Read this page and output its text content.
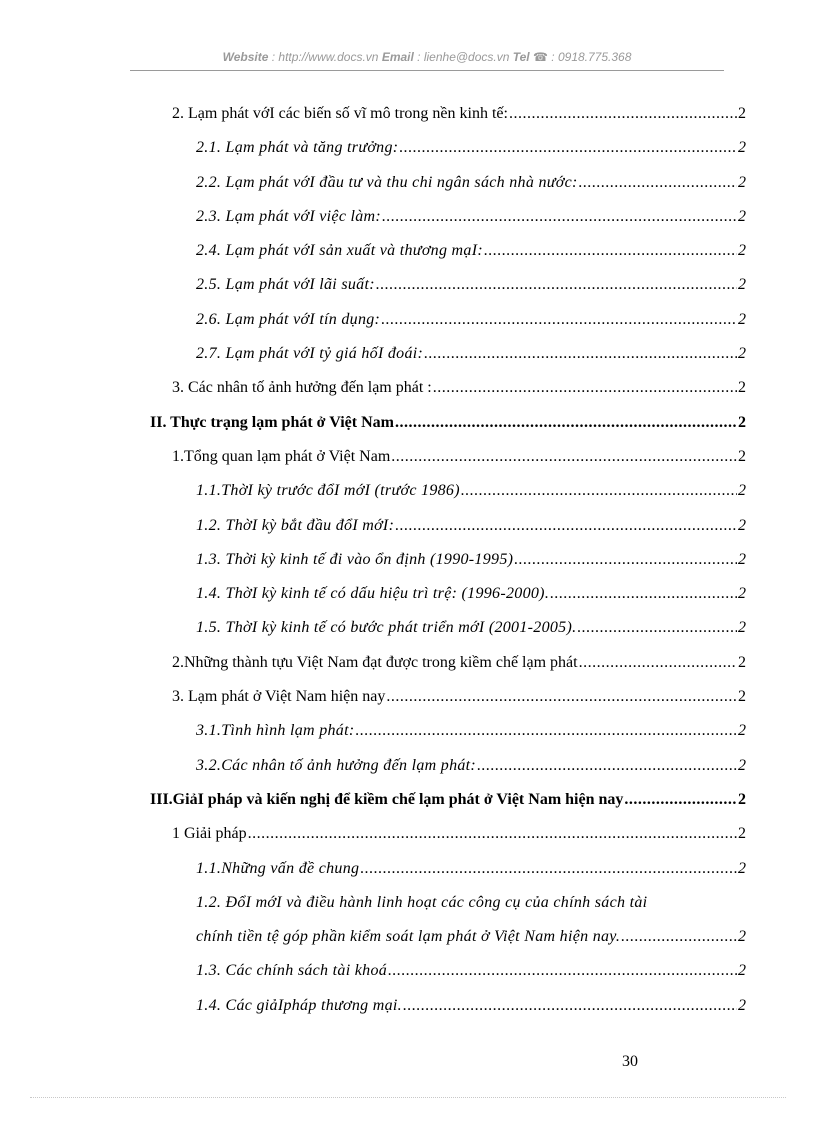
Website : http://www.docs.vn Email : lienhe@docs.vn Tel ☎ : 0918.775.368
2. Lạm phát vớI các biến số vĩ mô trong nền kinh tế: .....	2
2.1. Lạm phát và tăng trưởng: .....	2
2.2. Lạm phát vớI đầu tư và thu chi ngân sách nhà nước: .....	2
2.3. Lạm phát vớI việc làm: .....	2
2.4. Lạm phát vớI sản xuất và thương mạI: .....	2
2.5. Lạm phát vớI lãi suất: .....	2
2.6. Lạm phát vớI tín dụng: .....	2
2.7. Lạm phát vớI tỷ giá hốI đoái: .....	2
3. Các nhân tố ảnh hưởng đến lạm phát : .....	2
II. Thực trạng lạm phát ở Việt Nam .....	2
1.Tổng quan lạm phát ở Việt Nam .....	2
1.1.ThờI kỳ trước đổI mớI (trước 1986) .....	2
1.2. ThờI kỳ bắt đầu đổI mớI: .....	2
1.3. Thời kỳ kinh tế đi vào ổn định (1990-1995) .....	2
1.4. ThờI kỳ kinh tế có dấu hiệu trì trệ: (1996-2000). .....	2
1.5. ThờI kỳ kinh tế có bước phát triển mớI (2001-2005). .....	2
2.Những thành tựu Việt Nam đạt được trong kiềm chế lạm phát .....	2
3. Lạm phát ở Việt Nam hiện nay .....	2
3.1.Tình hình lạm phát: .....	2
3.2.Các nhân tố ảnh hưởng đến lạm phát: .....	2
III.GiảI pháp và kiến nghị để kiềm chế lạm phát ở Việt Nam hiện nay .....	2
1 Giải pháp .....	2
1.1.Những vấn đề chung .....	2
1.2. ĐổI mớI và điều hành linh hoạt các công cụ của chính sách tài
chính tiền tệ góp phần kiểm soát lạm phát ở Việt Nam hiện nay. .....	2
1.3. Các chính sách tài khoá .....	2
1.4. Các giảIpháp thương mại. .....	2
30
